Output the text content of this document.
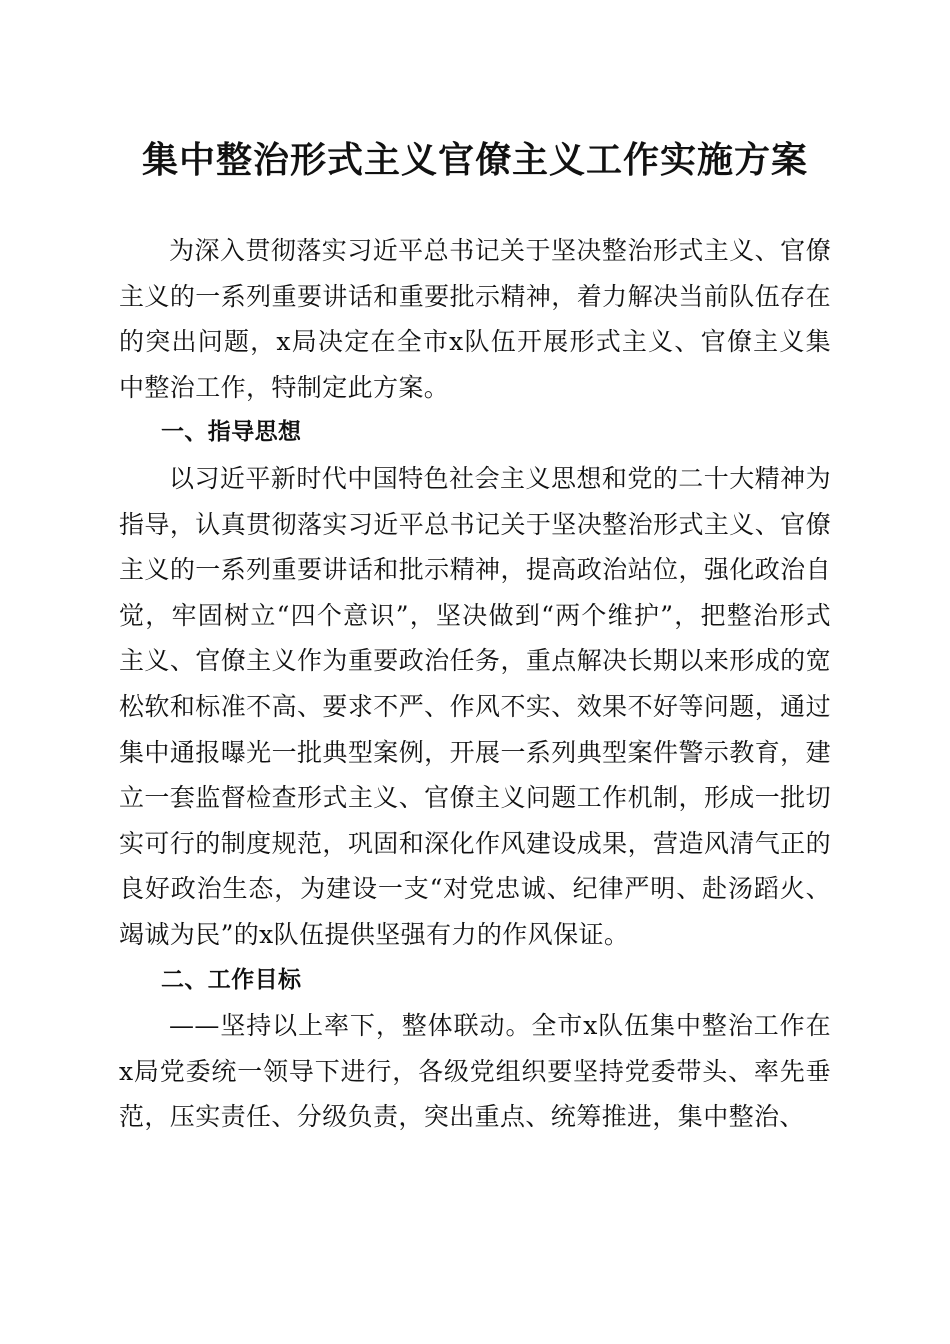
集中整治形式主义官僚主义工作实施方案

为深入贯彻落实习近平总书记关于坚决整治形式主义、官僚主义的一系列重要讲话和重要批示精神，着力解决当前队伍存在的突出问题，x局决定在全市x队伍开展形式主义、官僚主义集中整治工作，特制定此方案。

一、指导思想

以习近平新时代中国特色社会主义思想和党的二十大精神为指导，认真贯彻落实习近平总书记关于坚决整治形式主义、官僚主义的一系列重要讲话和批示精神，提高政治站位，强化政治自觉，牢固树立“四个意识”，坚决做到“两个维护”，把整治形式主义、官僚主义作为重要政治任务，重点解决长期以来形成的宽松软和标准不高、要求不严、作风不实、效果不好等问题，通过集中通报曝光一批典型案例，开展一系列典型案件警示教育，建立一套监督检查形式主义、官僚主义问题工作机制，形成一批切实可行的制度规范，巩固和深化作风建设成果，营造风清气正的良好政治生态，为建设一支“对党忠诚、纪律严明、赴汤蹈火、竭诚为民”的x队伍提供坚强有力的作风保证。

二、工作目标

——坚持以上率下，整体联动。全市x队伍集中整治工作在x局党委统一领导下进行，各级党组织要坚持党委带头、率先垂范，压实责任、分级负责，突出重点、统筹推进，集中整治、
